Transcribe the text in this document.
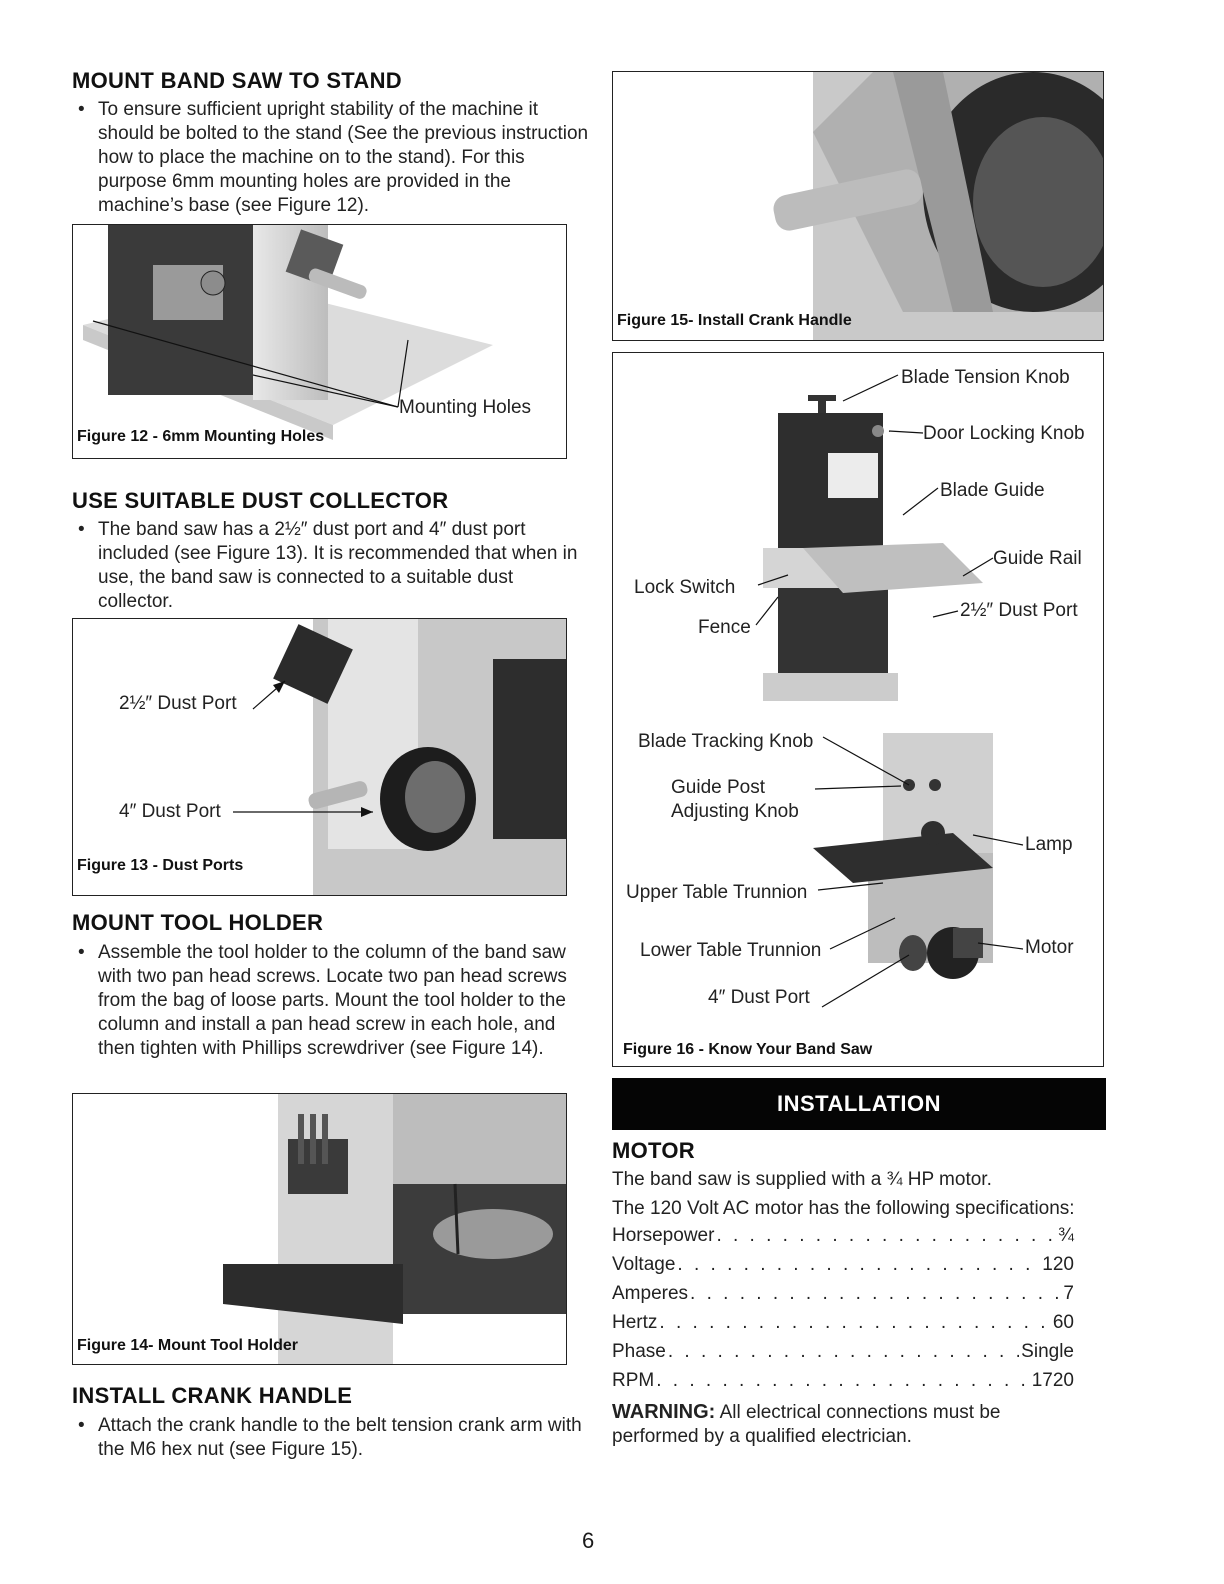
MOUNT BAND SAW TO STAND

• To ensure sufficient upright stability of the machine it should be bolted to the stand (See the previous instruction how to place the machine on to the stand). For this purpose 6mm mounting holes are provided in the machine’s base (see Figure 12).

Mounting Holes
Figure 12 - 6mm Mounting Holes
USE SUITABLE DUST COLLECTOR

• The band saw has a 2½″ dust port and 4″ dust port included (see Figure 13). It is recommended that when in use, the band saw is connected to a suitable dust collector.

2½″ Dust Port
4″ Dust Port
Figure 13 - Dust Ports
MOUNT TOOL HOLDER

• Assemble the tool holder to the column of the band saw with two pan head screws. Locate two pan head screws from the bag of loose parts. Mount the tool holder to the column and install a pan head screw in each hole, and then tighten with Phillips screwdriver (see Figure 14).

Figure 14- Mount Tool Holder
INSTALL CRANK HANDLE

• Attach the crank handle to the belt tension crank arm with the M6 hex nut (see Figure 15).

Figure 15- Install Crank Handle
Blade Tension Knob
Door Locking Knob
Blade Guide
Guide Rail
Lock Switch
2½″ Dust Port
Fence
Blade Tracking Knob
Guide Post
Adjusting Knob
Lamp
Upper Table Trunnion
Lower Table Trunnion	Motor
4″ Dust Port
Figure 16 - Know Your Band Saw
INSTALLATION
MOTOR

The band saw is supplied with a ¾ HP motor.

The 120 Volt AC motor has the following specifications:

Horsepower . . .	¾
Voltage . . .	120
Amperes . . .	7
Hertz . . .	60
Phase . . .	Single
RPM . . .	1720

WARNING: All electrical connections must be performed by a qualified electrician.

6
